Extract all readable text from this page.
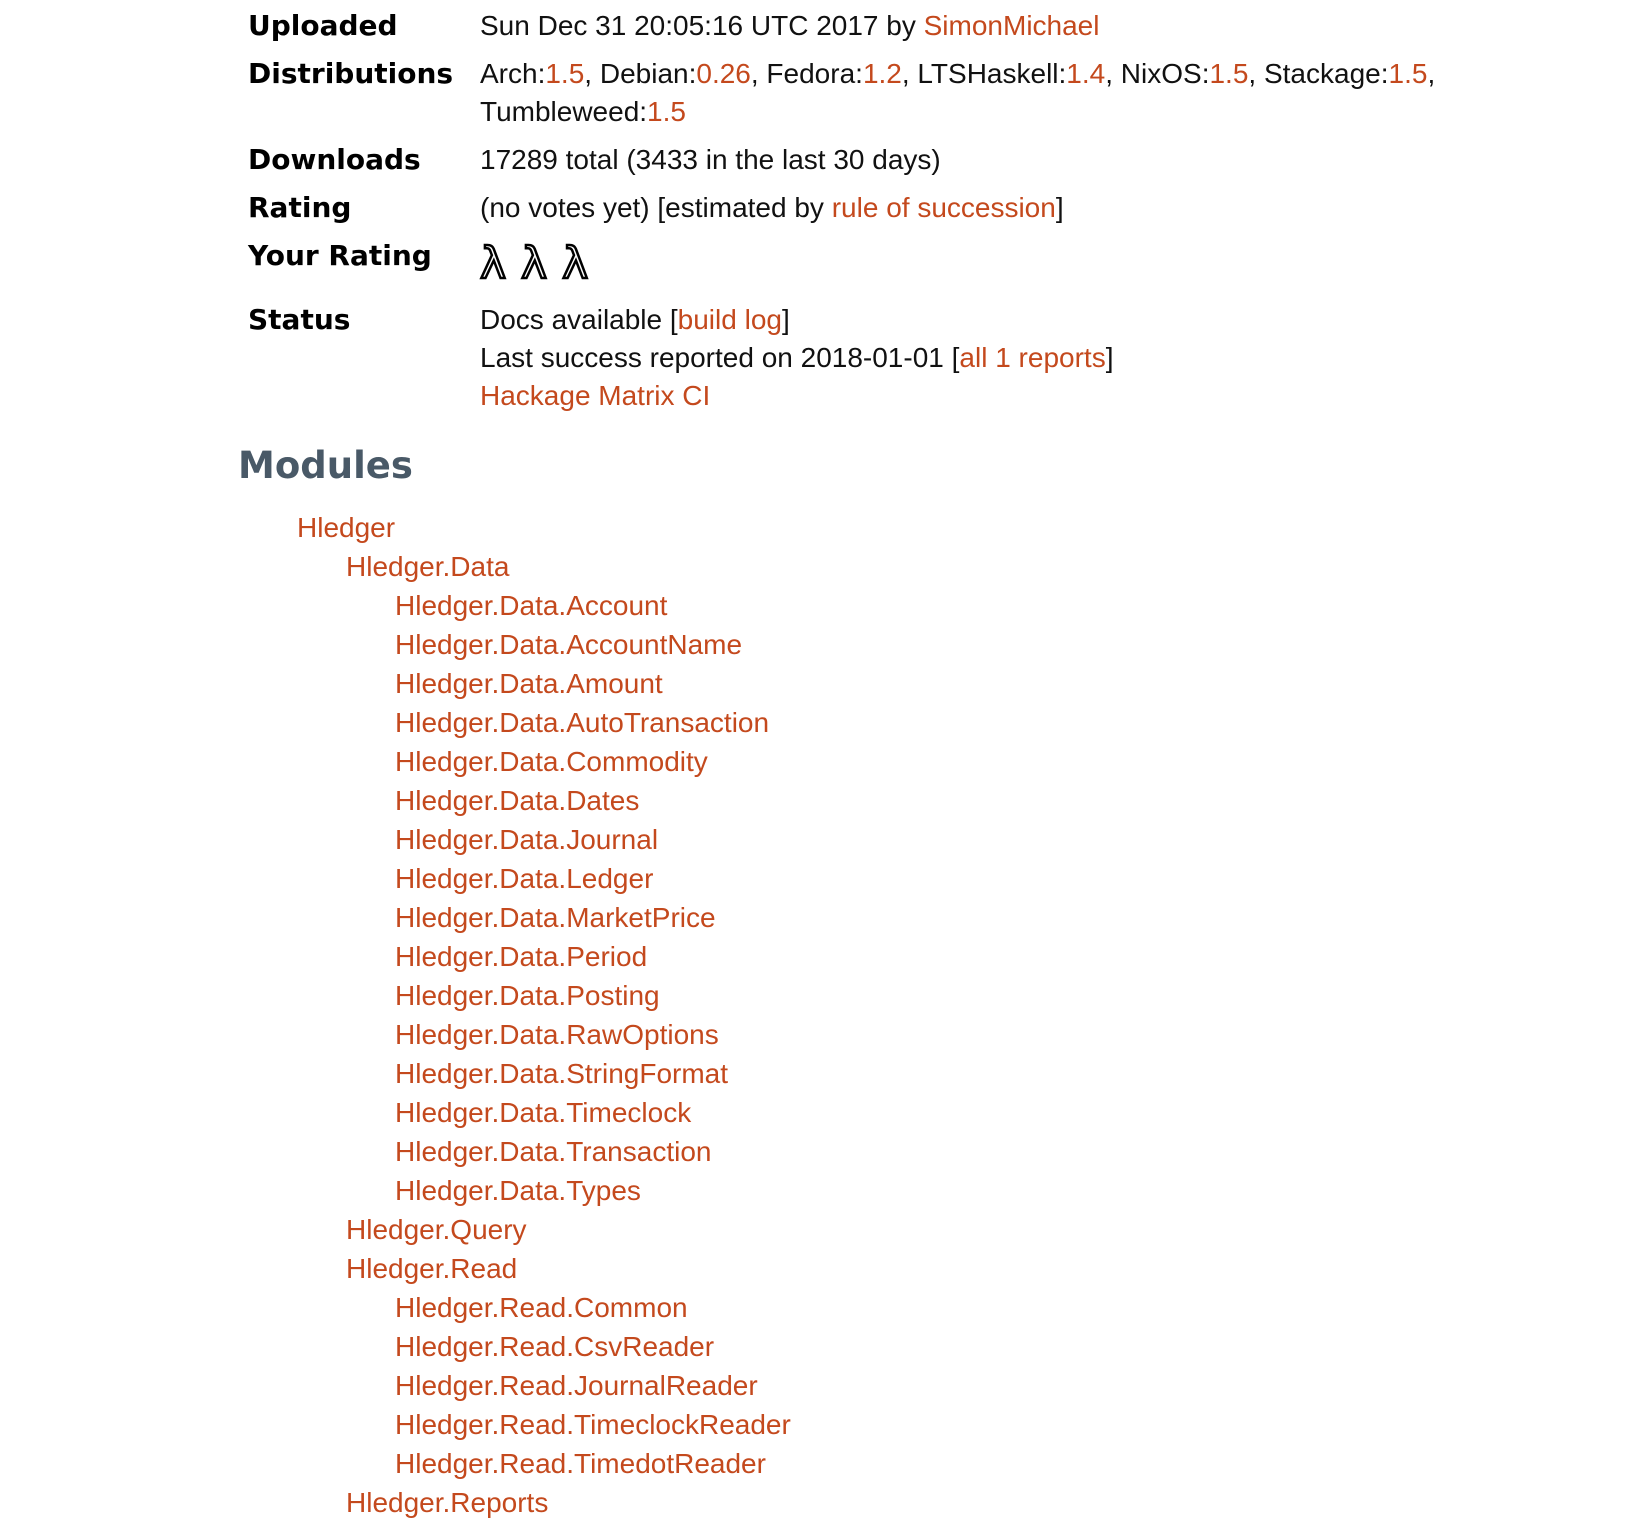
Uploaded	Sun Dec 31 20:05:16 UTC 2017 by SimonMichael

Distributions	Arch:1.5, Debian:0.26, Fedora:1.2, LTSHaskell:1.4, NixOS:1.5, Stackage:1.5, Tumbleweed:1.5

Downloads	17289 total (3433 in the last 30 days)

Rating	(no votes yet) [estimated by rule of succession]

Your Rating	λ λ λ
Status	Docs available [build log]
Last success reported on 2018-01-01 [all 1 reports]
Hackage Matrix CI
Modules
Hledger
Hledger.Data
Hledger.Data.Account
Hledger.Data.AccountName
Hledger.Data.Amount
Hledger.Data.AutoTransaction
Hledger.Data.Commodity
Hledger.Data.Dates
Hledger.Data.Journal
Hledger.Data.Ledger
Hledger.Data.MarketPrice
Hledger.Data.Period
Hledger.Data.Posting
Hledger.Data.RawOptions
Hledger.Data.StringFormat
Hledger.Data.Timeclock
Hledger.Data.Transaction
Hledger.Data.Types
Hledger.Query
Hledger.Read
Hledger.Read.Common
Hledger.Read.CsvReader
Hledger.Read.JournalReader
Hledger.Read.TimeclockReader
Hledger.Read.TimedotReader
Hledger.Reports
